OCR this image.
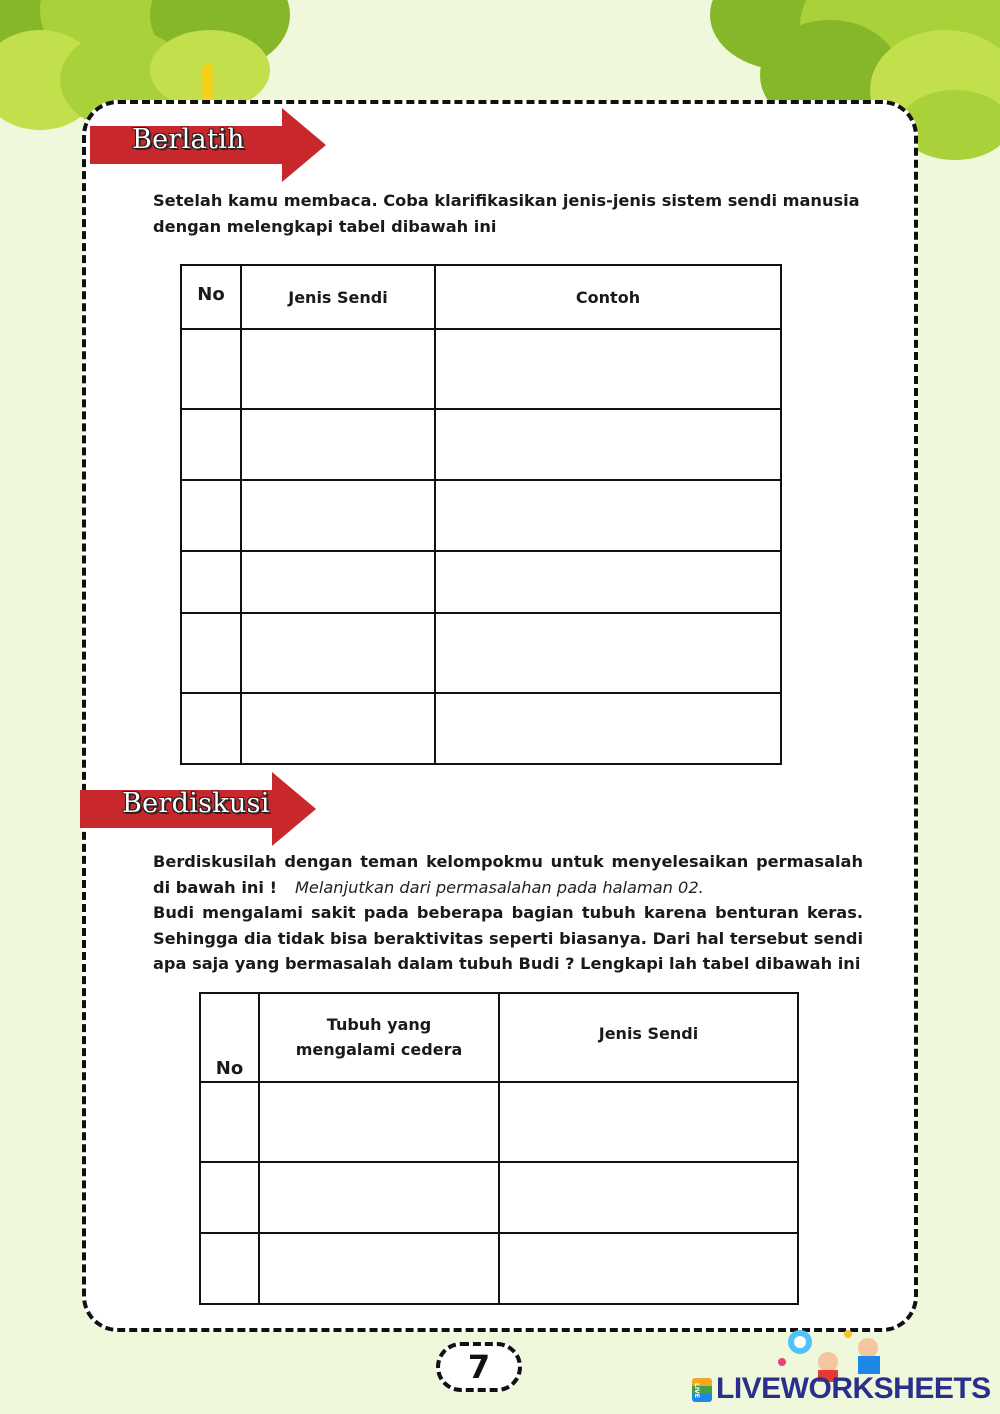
Berlatih
Setelah kamu membaca. Coba klarifikasikan jenis-jenis sistem sendi manusia dengan melengkapi tabel dibawah ini
No	Jenis Sendi	Contoh

Berdiskusi
Berdiskusilah dengan teman kelompokmu untuk menyelesaikan permasalah di bawah ini ! Melanjutkan dari permasalahan pada halaman 02.
Budi mengalami sakit pada beberapa bagian tubuh karena benturan keras. Sehingga dia tidak bisa beraktivitas seperti biasanya. Dari hal tersebut sendi apa saja yang bermasalah dalam tubuh Budi ? Lengkapi lah tabel dibawah ini
No	Tubuh yang mengalami cedera	Jenis Sendi

7
LIVE LIVEWORKSHEETS
